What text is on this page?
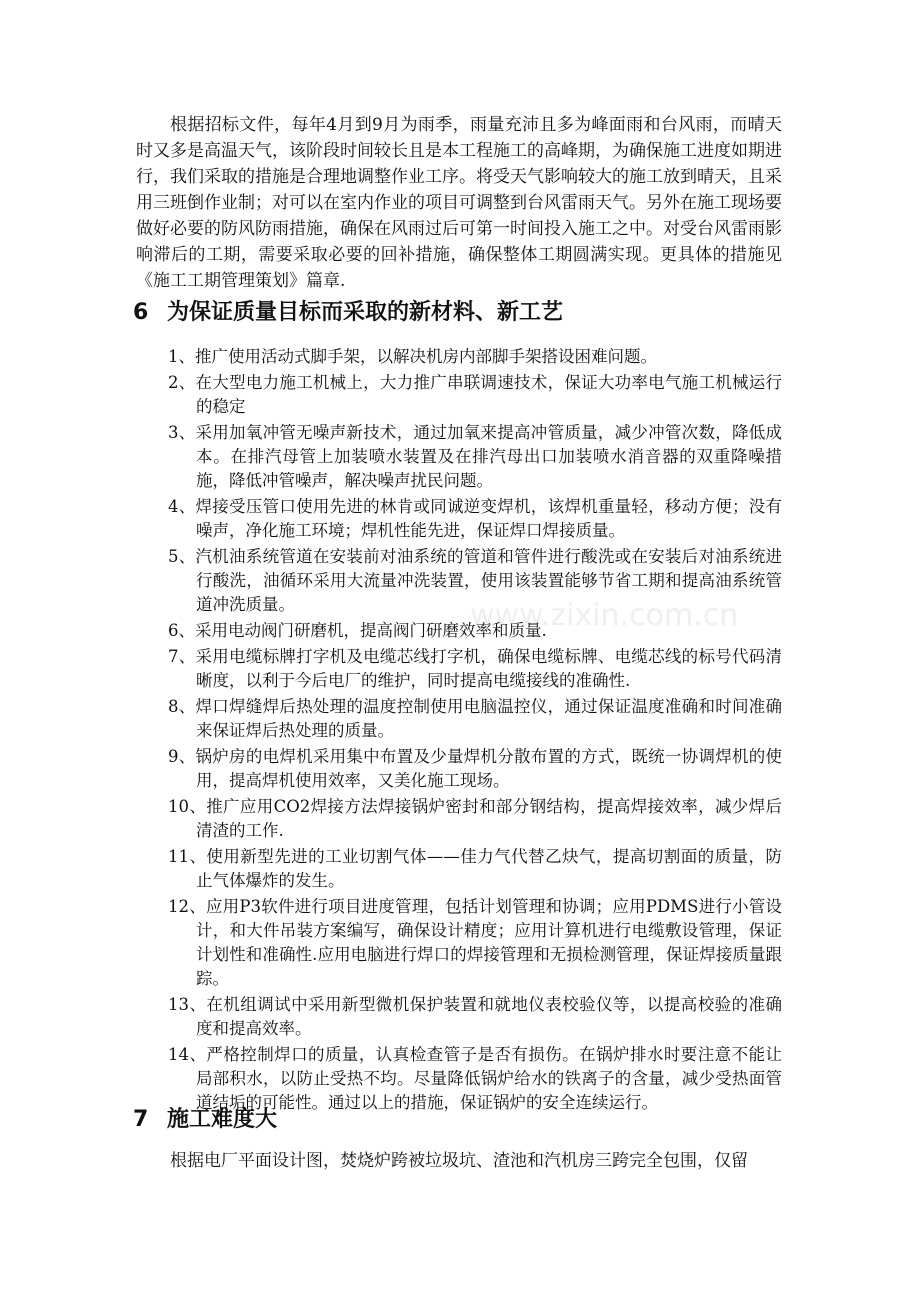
根据招标文件，每年4月到9月为雨季，雨量充沛且多为峰面雨和台风雨，而晴天时又多是高温天气，该阶段时间较长且是本工程施工的高峰期，为确保施工进度如期进行，我们采取的措施是合理地调整作业工序。将受天气影响较大的施工放到晴天，且采用三班倒作业制；对可以在室内作业的项目可调整到台风雷雨天气。另外在施工现场要做好必要的防风防雨措施，确保在风雨过后可第一时间投入施工之中。对受台风雷雨影响滞后的工期，需要采取必要的回补措施，确保整体工期圆满实现。更具体的措施见《施工工期管理策划》篇章.

6 为保证质量目标而采取的新材料、新工艺
1、推广使用活动式脚手架，以解决机房内部脚手架搭设困难问题。
2、在大型电力施工机械上，大力推广串联调速技术，保证大功率电气施工机械运行的稳定
3、采用加氧冲管无噪声新技术，通过加氧来提高冲管质量，减少冲管次数，降低成本。在排汽母管上加装喷水装置及在排汽母出口加装喷水消音器的双重降噪措施，降低冲管噪声，解决噪声扰民问题。
4、焊接受压管口使用先进的林肯或同诚逆变焊机，该焊机重量轻，移动方便；没有噪声，净化施工环境；焊机性能先进，保证焊口焊接质量。
5、汽机油系统管道在安装前对油系统的管道和管件进行酸洗或在安装后对油系统进行酸洗，油循环采用大流量冲洗装置，使用该装置能够节省工期和提高油系统管道冲洗质量。
6、采用电动阀门研磨机，提高阀门研磨效率和质量.
7、采用电缆标牌打字机及电缆芯线打字机，确保电缆标牌、电缆芯线的标号代码清晰度，以利于今后电厂的维护，同时提高电缆接线的准确性.
8、焊口焊缝焊后热处理的温度控制使用电脑温控仪，通过保证温度准确和时间准确来保证焊后热处理的质量。
9、锅炉房的电焊机采用集中布置及少量焊机分散布置的方式，既统一协调焊机的使用，提高焊机使用效率，又美化施工现场。
10、推广应用CO2焊接方法焊接锅炉密封和部分钢结构，提高焊接效率，减少焊后清渣的工作.
11、使用新型先进的工业切割气体——佳力气代替乙炔气，提高切割面的质量，防止气体爆炸的发生。
12、应用P3软件进行项目进度管理，包括计划管理和协调；应用PDMS进行小管设计，和大件吊装方案编写，确保设计精度；应用计算机进行电缆敷设管理，保证计划性和准确性.应用电脑进行焊口的焊接管理和无损检测管理，保证焊接质量跟踪。
13、在机组调试中采用新型微机保护装置和就地仪表校验仪等，以提高校验的准确度和提高效率。
14、严格控制焊口的质量，认真检查管子是否有损伤。在锅炉排水时要注意不能让局部积水，以防止受热不均。尽量降低锅炉给水的铁离子的含量，减少受热面管道结垢的可能性。通过以上的措施，保证锅炉的安全连续运行。
7 施工难度大

根据电厂平面设计图，焚烧炉跨被垃圾坑、渣池和汽机房三跨完全包围，仅留

www.zixin.com.cn
